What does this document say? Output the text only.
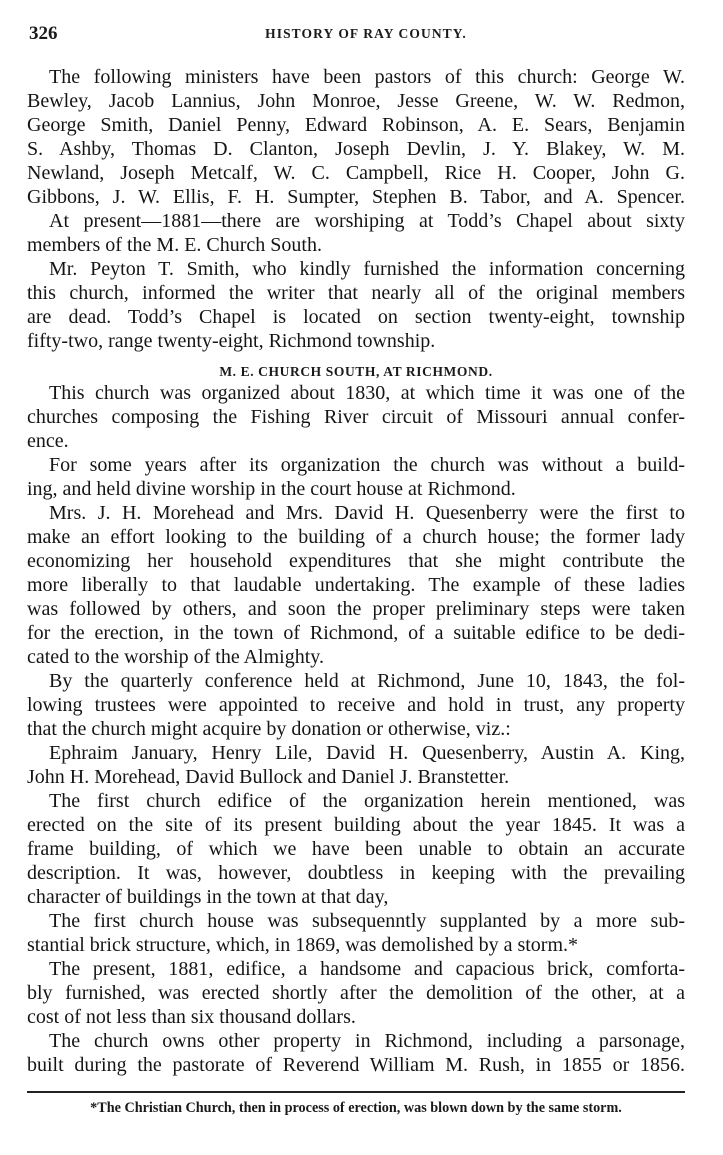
326	HISTORY OF RAY COUNTY.
The following ministers have been pastors of this church: George W.
Bewley, Jacob Lannius, John Monroe, Jesse Greene, W. W. Redmon,
George Smith, Daniel Penny, Edward Robinson, A. E. Sears, Benjamin
S. Ashby, Thomas D. Clanton, Joseph Devlin, J. Y. Blakey, W. M.
Newland, Joseph Metcalf, W. C. Campbell, Rice H. Cooper, John G.
Gibbons, J. W. Ellis, F. H. Sumpter, Stephen B. Tabor, and A. Spencer.
At present—1881—there are worshiping at Todd’s Chapel about sixty
members of the M. E. Church South.
Mr. Peyton T. Smith, who kindly furnished the information concerning
this church, informed the writer that nearly all of the original members
are dead. Todd’s Chapel is located on section twenty-eight, township
fifty-two, range twenty-eight, Richmond township.
M. E. CHURCH SOUTH, AT RICHMOND.
This church was organized about 1830, at which time it was one of the
churches composing the Fishing River circuit of Missouri annual confer-
ence.
For some years after its organization the church was without a build-
ing, and held divine worship in the court house at Richmond.
Mrs. J. H. Morehead and Mrs. David H. Quesenberry were the first to
make an effort looking to the building of a church house; the former lady
economizing her household expenditures that she might contribute the
more liberally to that laudable undertaking. The example of these ladies
was followed by others, and soon the proper preliminary steps were taken
for the erection, in the town of Richmond, of a suitable edifice to be dedi-
cated to the worship of the Almighty.
By the quarterly conference held at Richmond, June 10, 1843, the fol-
lowing trustees were appointed to receive and hold in trust, any property
that the church might acquire by donation or otherwise, viz.:
Ephraim January, Henry Lile, David H. Quesenberry, Austin A. King,
John H. Morehead, David Bullock and Daniel J. Branstetter.
The first church edifice of the organization herein mentioned, was
erected on the site of its present building about the year 1845. It was a
frame building, of which we have been unable to obtain an accurate
description. It was, however, doubtless in keeping with the prevailing
character of buildings in the town at that day,
The first church house was subsequenntly supplanted by a more sub-
stantial brick structure, which, in 1869, was demolished by a storm.*
The present, 1881, edifice, a handsome and capacious brick, comforta-
bly furnished, was erected shortly after the demolition of the other, at a
cost of not less than six thousand dollars.
The church owns other property in Richmond, including a parsonage,
built during the pastorate of Reverend William M. Rush, in 1855 or 1856.
*The Christian Church, then in process of erection, was blown down by the same storm.
